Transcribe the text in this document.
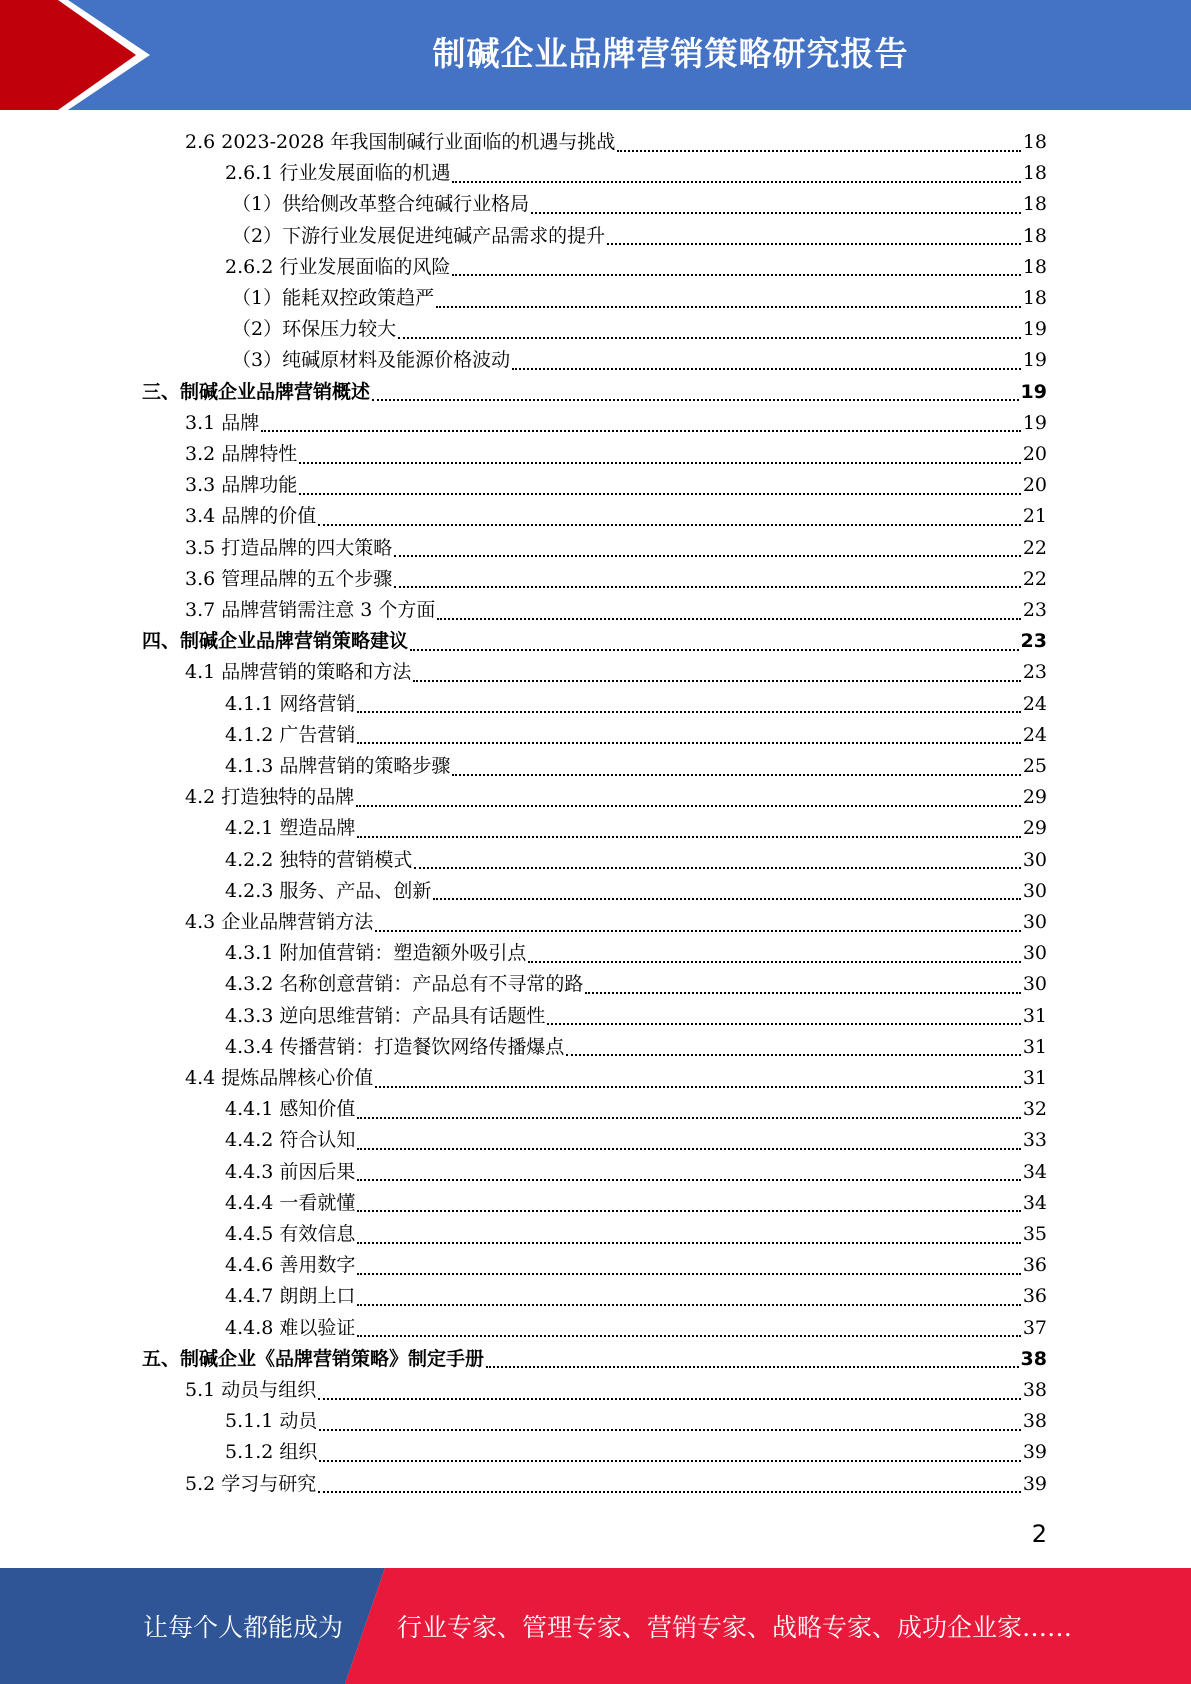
制碱企业品牌营销策略研究报告
2.6 2023-2028 年我国制碱行业面临的机遇与挑战	18
2.6.1 行业发展面临的机遇	18
（1）供给侧改革整合纯碱行业格局	18
（2）下游行业发展促进纯碱产品需求的提升	18
2.6.2 行业发展面临的风险	18
（1）能耗双控政策趋严	18
（2）环保压力较大	19
（3）纯碱原材料及能源价格波动	19
三、制碱企业品牌营销概述	19
3.1 品牌	19
3.2 品牌特性	20
3.3 品牌功能	20
3.4 品牌的价值	21
3.5 打造品牌的四大策略	22
3.6 管理品牌的五个步骤	22
3.7 品牌营销需注意 3 个方面	23
四、制碱企业品牌营销策略建议	23
4.1 品牌营销的策略和方法	23
4.1.1 网络营销	24
4.1.2 广告营销	24
4.1.3 品牌营销的策略步骤	25
4.2 打造独特的品牌	29
4.2.1 塑造品牌	29
4.2.2 独特的营销模式	30
4.2.3 服务、产品、创新	30
4.3 企业品牌营销方法	30
4.3.1 附加值营销：塑造额外吸引点	30
4.3.2 名称创意营销：产品总有不寻常的路	30
4.3.3 逆向思维营销：产品具有话题性	31
4.3.4 传播营销：打造餐饮网络传播爆点	31
4.4 提炼品牌核心价值	31
4.4.1 感知价值	32
4.4.2 符合认知	33
4.4.3 前因后果	34
4.4.4 一看就懂	34
4.4.5 有效信息	35
4.4.6 善用数字	36
4.4.7 朗朗上口	36
4.4.8 难以验证	37
五、制碱企业《品牌营销策略》制定手册	38
5.1 动员与组织	38
5.1.1 动员	38
5.1.2 组织	39
5.2 学习与研究	39
2
让每个人都能成为 行业专家、管理专家、营销专家、战略专家、成功企业家……
